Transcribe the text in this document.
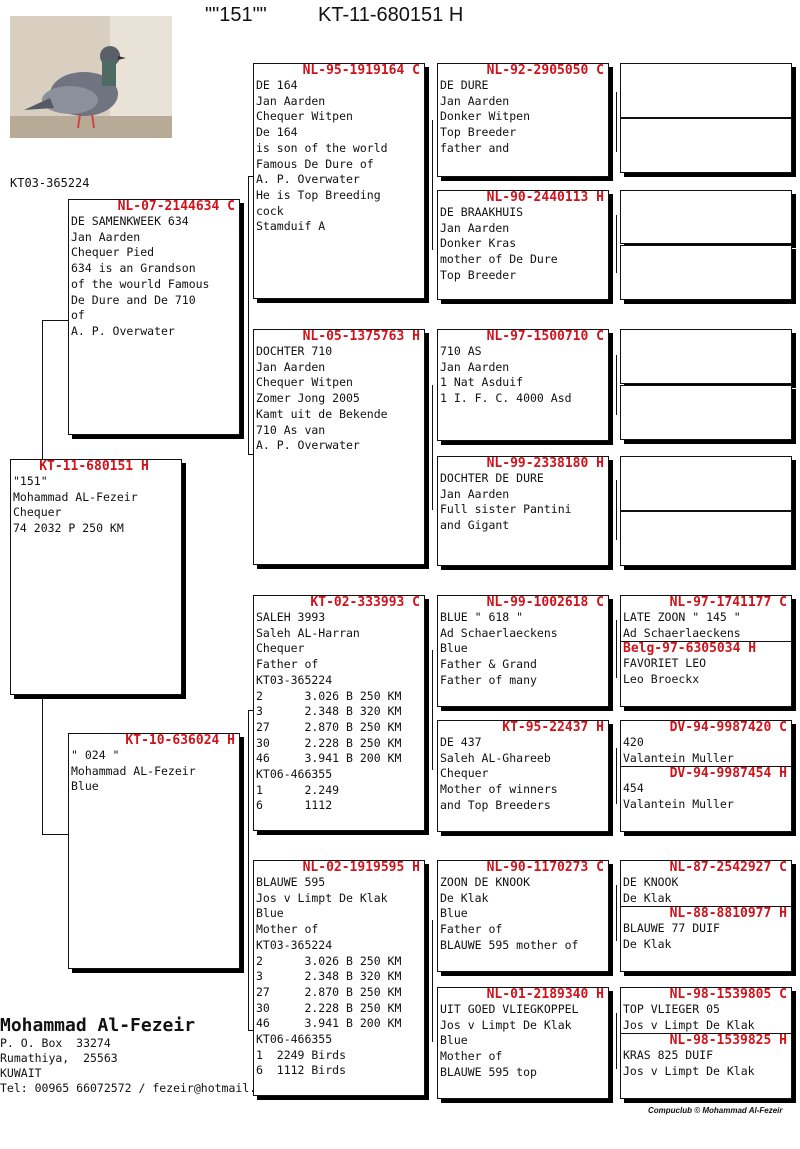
""151""	KT-11-680151 H
KT03-365224
KT-11-680151 H
"151"
Mohammad AL-Fezeir
Chequer
74 2032 P 250 KM
NL-07-2144634 C
DE SAMENKWEEK 634
Jan Aarden
Chequer Pied
634 is an Grandson
of the wourld Famous
De Dure and De 710
of
A. P. Overwater
KT-10-636024 H
" 024 "
Mohammad AL-Fezeir
Blue
NL-95-1919164 C
DE 164
Jan Aarden
Chequer Witpen
De 164
is son of the world
Famous De Dure of
A. P. Overwater
He is Top Breeding
cock
Stamduif A
NL-05-1375763 H
DOCHTER 710
Jan Aarden
Chequer Witpen
Zomer Jong 2005
Kamt uit de Bekende
710 As van
A. P. Overwater
KT-02-333993 C
SALEH 3993
Saleh AL-Harran
Chequer
Father of
KT03-365224
2      3.026 B 250 KM
3      2.348 B 320 KM
27     2.870 B 250 KM
30     2.228 B 250 KM
46     3.941 B 200 KM
KT06-466355
1      2.249
6      1112
NL-02-1919595 H
BLAUWE 595
Jos v Limpt De Klak
Blue
Mother of
KT03-365224
2      3.026 B 250 KM
3      2.348 B 320 KM
27     2.870 B 250 KM
30     2.228 B 250 KM
46     3.941 B 200 KM
KT06-466355
1  2249 Birds
6  1112 Birds
NL-92-2905050 C
DE DURE
Jan Aarden
Donker Witpen
Top Breeder
father and
NL-90-2440113 H
DE BRAAKHUIS
Jan Aarden
Donker Kras
mother of De Dure
Top Breeder
NL-97-1500710 C
710 AS
Jan Aarden
1 Nat Asduif
1 I. F. C. 4000 Asd
NL-99-2338180 H
DOCHTER DE DURE
Jan Aarden
Full sister Pantini
and Gigant
NL-99-1002618 C
BLUE " 618 "
Ad Schaerlaeckens
Blue
Father & Grand
Father of many
KT-95-22437 H
DE 437
Saleh AL-Ghareeb
Chequer
Mother of winners
and Top Breeders
NL-90-1170273 C
ZOON DE KNOOK
De Klak
Blue
Father of
BLAUWE 595 mother of
NL-01-2189340 H
UIT GOED VLIEGKOPPEL
Jos v Limpt De Klak
Blue
Mother of
BLAUWE 595 top
NL-97-1741177 C
LATE ZOON " 145 "
Ad Schaerlaeckens
Belg-97-6305034 H
FAVORIET LEO
Leo Broeckx
DV-94-9987420 C
420
Valantein Muller
DV-94-9987454 H
454
Valantein Muller
NL-87-2542927 C
DE KNOOK
De Klak
NL-88-8810977 H
BLAUWE 77 DUIF
De Klak
NL-98-1539805 C
TOP VLIEGER 05
Jos v Limpt De Klak
NL-98-1539825 H
KRAS 825 DUIF
Jos v Limpt De Klak
Mohammad Al-Fezeir
P. O. Box  33274
Rumathiya,  25563
KUWAIT
Tel: 00965 66072572 / fezeir@hotmail.
Compuclub © Mohammad Al-Fezeir
